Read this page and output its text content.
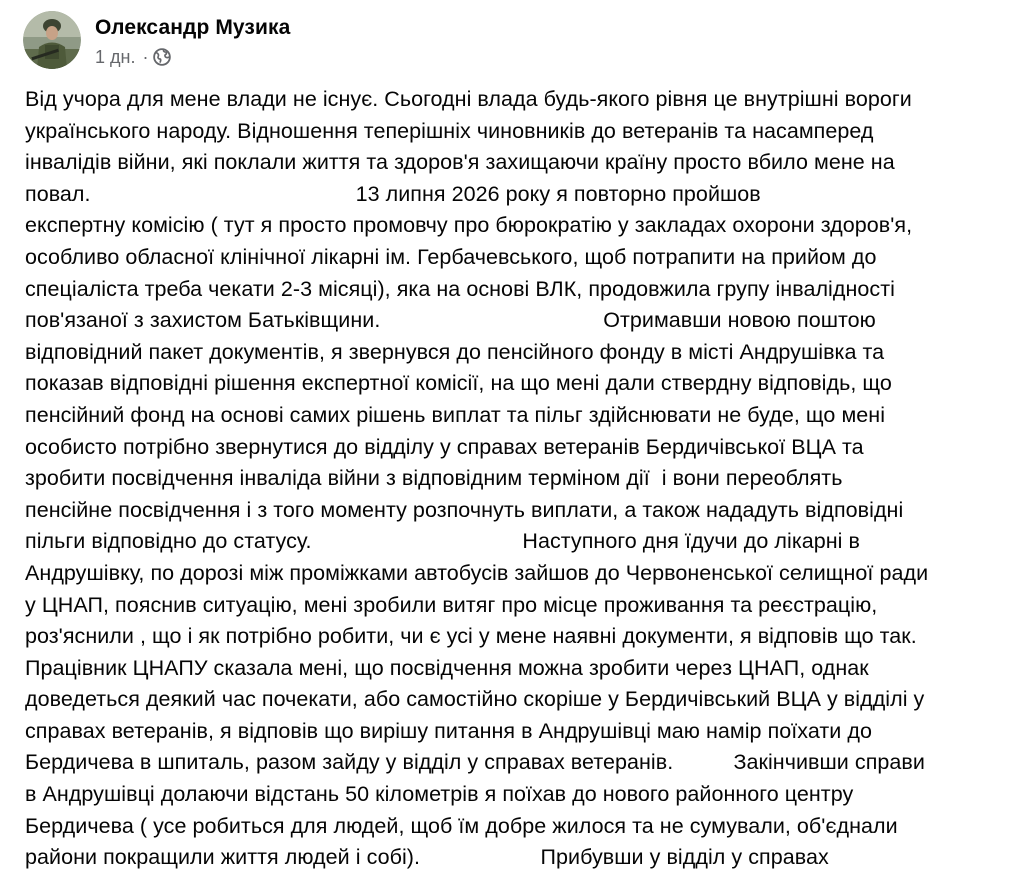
Олександр Музика
1 дн. ·
Від учора для мене влади не існує. Сьогодні влада будь-якого рівня це внутрішні вороги
українського народу. Відношення теперішніх чиновників до ветеранів та насамперед
інвалідів війни, які поклали життя та здоров'я захищаючи країну просто вбило мене на
повал.                                            13 липня 2026 року я повторно пройшов
експертну комісію ( тут я просто промовчу про бюрократію у закладах охорони здоров'я,
особливо обласної клінічної лікарні ім. Гербачевського, щоб потрапити на прийом до
спеціаліста треба чекати 2-3 місяці), яка на основі ВЛК, продовжила групу інвалідності
пов'язаної з захистом Батьківщини.                                     Отримавши новою поштою
відповідний пакет документів, я звернувся до пенсійного фонду в місті Андрушівка та
показав відповідні рішення експертної комісії, на що мені дали ствердну відповідь, що
пенсійний фонд на основі самих рішень виплат та пільг здійснювати не буде, що мені
особисто потрібно звернутися до відділу у справах ветеранів Бердичівської ВЦА та
зробити посвідчення інваліда війни з відповідним терміном дії  і вони переоблять
пенсійне посвідчення і з того моменту розпочнуть виплати, а також нададуть відповідні
пільги відповідно до статусу.                                   Наступного дня їдучи до лікарні в
Андрушівку, по дорозі між проміжками автобусів зайшов до Червоненської селищної ради
у ЦНАП, пояснив ситуацію, мені зробили витяг про місце проживання та реєстрацію,
роз'яснили , що і як потрібно робити, чи є усі у мене наявні документи, я відповів що так.
Працівник ЦНАПУ сказала мені, що посвідчення можна зробити через ЦНАП, однак
доведеться деякий час почекати, або самостійно скоріше у Бердичівський ВЦА у відділі у
справах ветеранів, я відповів що вирішу питання в Андрушівці маю намір поїхати до
Бердичева в шпиталь, разом зайду у відділ у справах ветеранів.          Закінчивши справи
в Андрушівці долаючи відстань 50 кілометрів я поїхав до нового районного центру
Бердичева ( усе робиться для людей, щоб їм добре жилося та не сумували, об'єднали
райони покращили життя людей і собі).                    Прибувши у відділ у справах
